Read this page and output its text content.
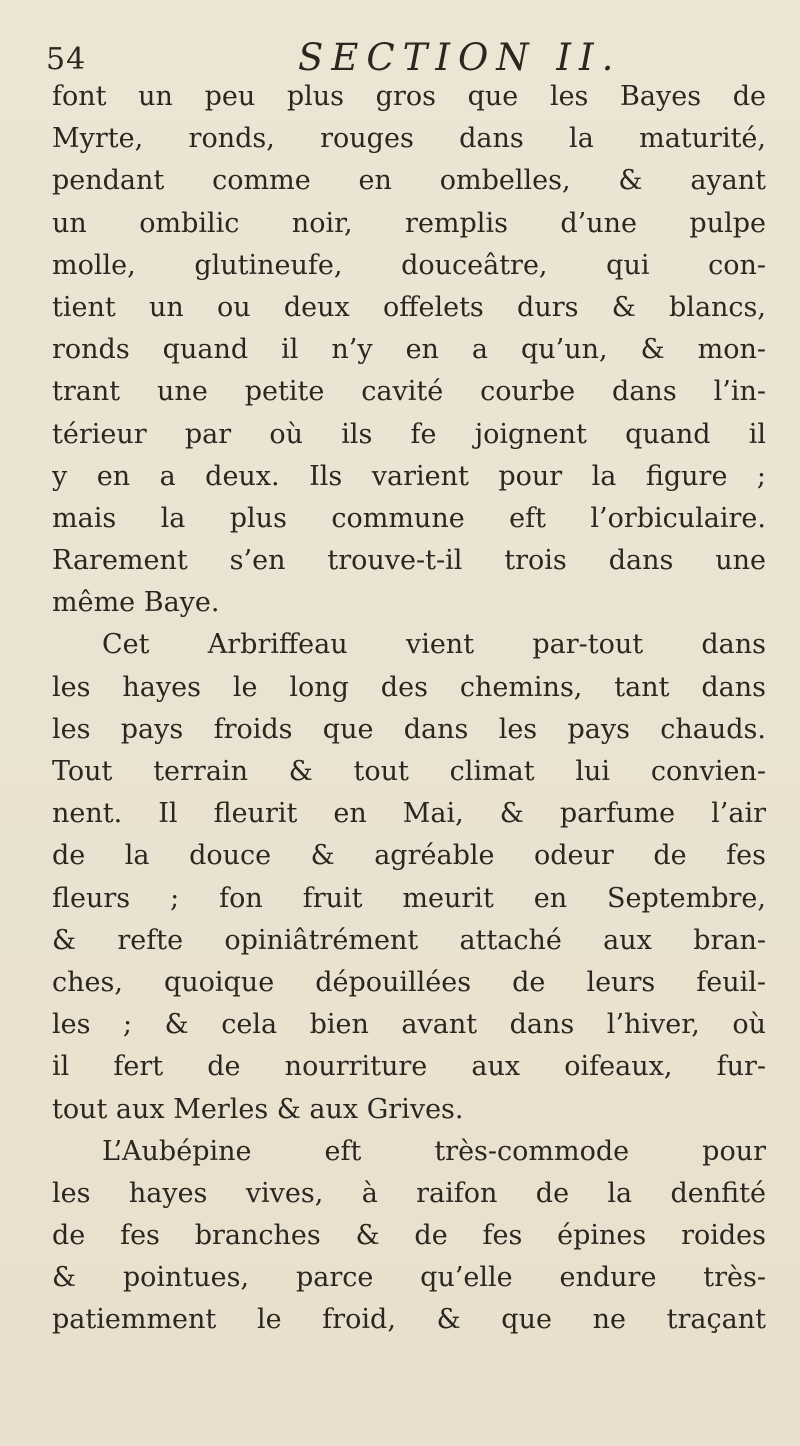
54	SECTION II.
font un peu plus gros que les Bayes de
Myrte, ronds, rouges dans la maturité,
pendant comme en ombelles, & ayant
un ombilic noir, remplis d’une pulpe
molle, glutineufe, douceâtre, qui con-
tient un ou deux offelets durs & blancs,
ronds quand il n’y en a qu’un, & mon-
trant une petite cavité courbe dans l’in-
térieur par où ils fe joignent quand il
y en a deux. Ils varient pour la figure ;
mais la plus commune eft l’orbiculaire.
Rarement s’en trouve-t-il trois dans une
même Baye.
Cet Arbriffeau vient par-tout dans
les hayes le long des chemins, tant dans
les pays froids que dans les pays chauds.
Tout terrain & tout climat lui convien-
nent. Il fleurit en Mai, & parfume l’air
de la douce & agréable odeur de fes
fleurs ; fon fruit meurit en Septembre,
& refte opiniâtrément attaché aux bran-
ches, quoique dépouillées de leurs feuil-
les ; & cela bien avant dans l’hiver, où
il fert de nourriture aux oifeaux, fur-
tout aux Merles & aux Grives.
L’Aubépine eft très-commode pour
les hayes vives, à raifon de la denfité
de fes branches & de fes épines roides
& pointues, parce qu’elle endure très-
patiemment le froid, & que ne traçant
